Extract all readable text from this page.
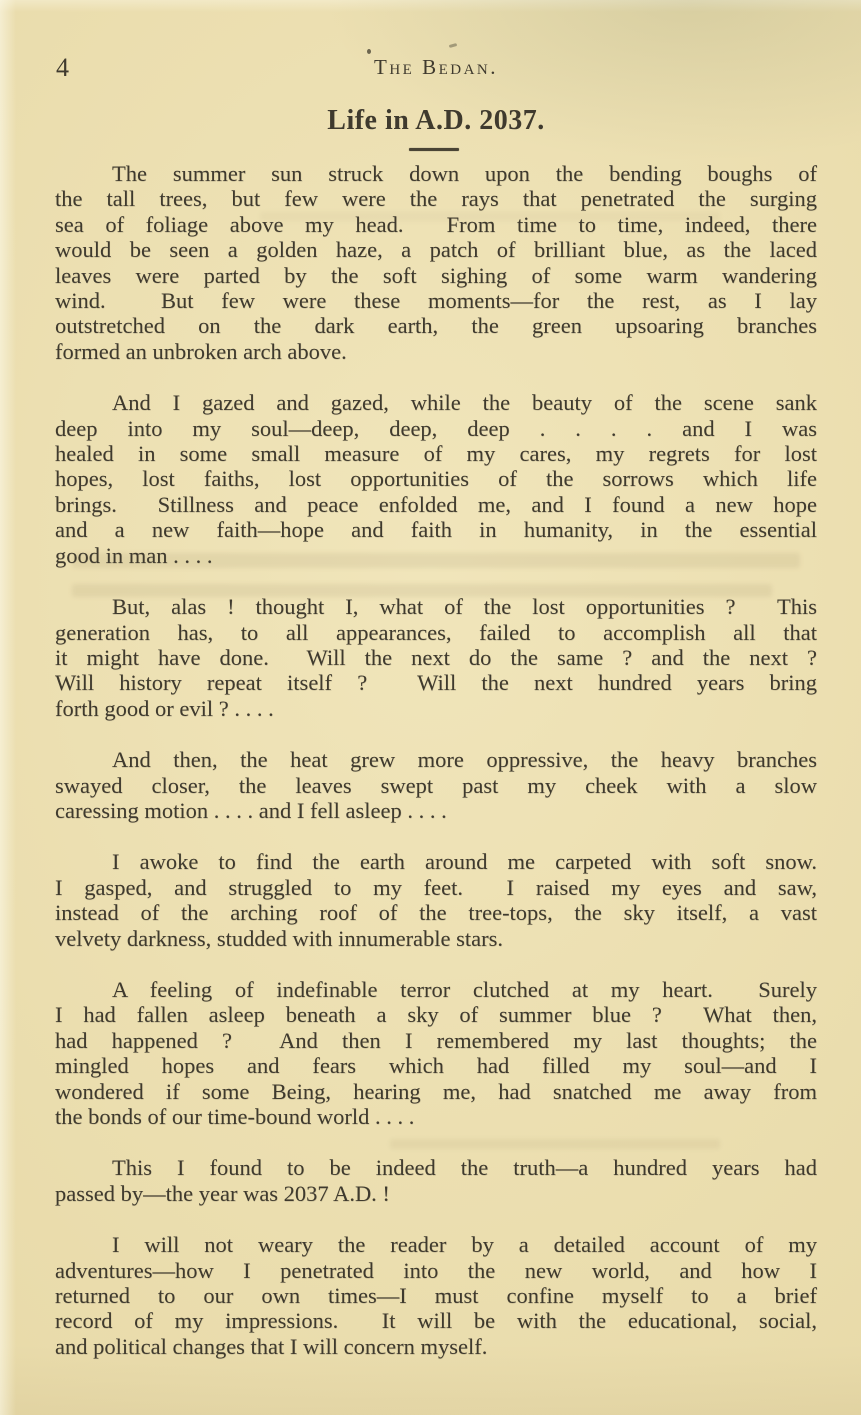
4	The Bedan.
Life in A.D. 2037.
The summer sun struck down upon the bending boughs of
the tall trees, but few were the rays that penetrated the surging
sea of foliage above my head.  From time to time, indeed, there
would be seen a golden haze, a patch of brilliant blue, as the laced
leaves were parted by the soft sighing of some warm wandering
wind.  But few were these moments—for the rest, as I lay
outstretched on the dark earth, the green upsoaring branches
formed an unbroken arch above.
And I gazed and gazed, while the beauty of the scene sank
deep into my soul—deep, deep, deep . . . . and I was
healed in some small measure of my cares, my regrets for lost
hopes, lost faiths, lost opportunities of the sorrows which life
brings.  Stillness and peace enfolded me, and I found a new hope
and a new faith—hope and faith in humanity, in the essential
good in man . . . .
But, alas ! thought I, what of the lost opportunities ?  This
generation has, to all appearances, failed to accomplish all that
it might have done.  Will the next do the same ? and the next ?
Will history repeat itself ?  Will the next hundred years bring
forth good or evil ? . . . .
And then, the heat grew more oppressive, the heavy branches
swayed closer, the leaves swept past my cheek with a slow
caressing motion . . . . and I fell asleep . . . .
I awoke to find the earth around me carpeted with soft snow.
I gasped, and struggled to my feet.  I raised my eyes and saw,
instead of the arching roof of the tree-tops, the sky itself, a vast
velvety darkness, studded with innumerable stars.
A feeling of indefinable terror clutched at my heart.  Surely
I had fallen asleep beneath a sky of summer blue ?  What then,
had happened ?  And then I remembered my last thoughts; the
mingled hopes and fears which had filled my soul—and I
wondered if some Being, hearing me, had snatched me away from
the bonds of our time-bound world . . . .
This I found to be indeed the truth—a hundred years had
passed by—the year was 2037 A.D. !
I will not weary the reader by a detailed account of my
adventures—how I penetrated into the new world, and how I
returned to our own times—I must confine myself to a brief
record of my impressions.  It will be with the educational, social,
and political changes that I will concern myself.
